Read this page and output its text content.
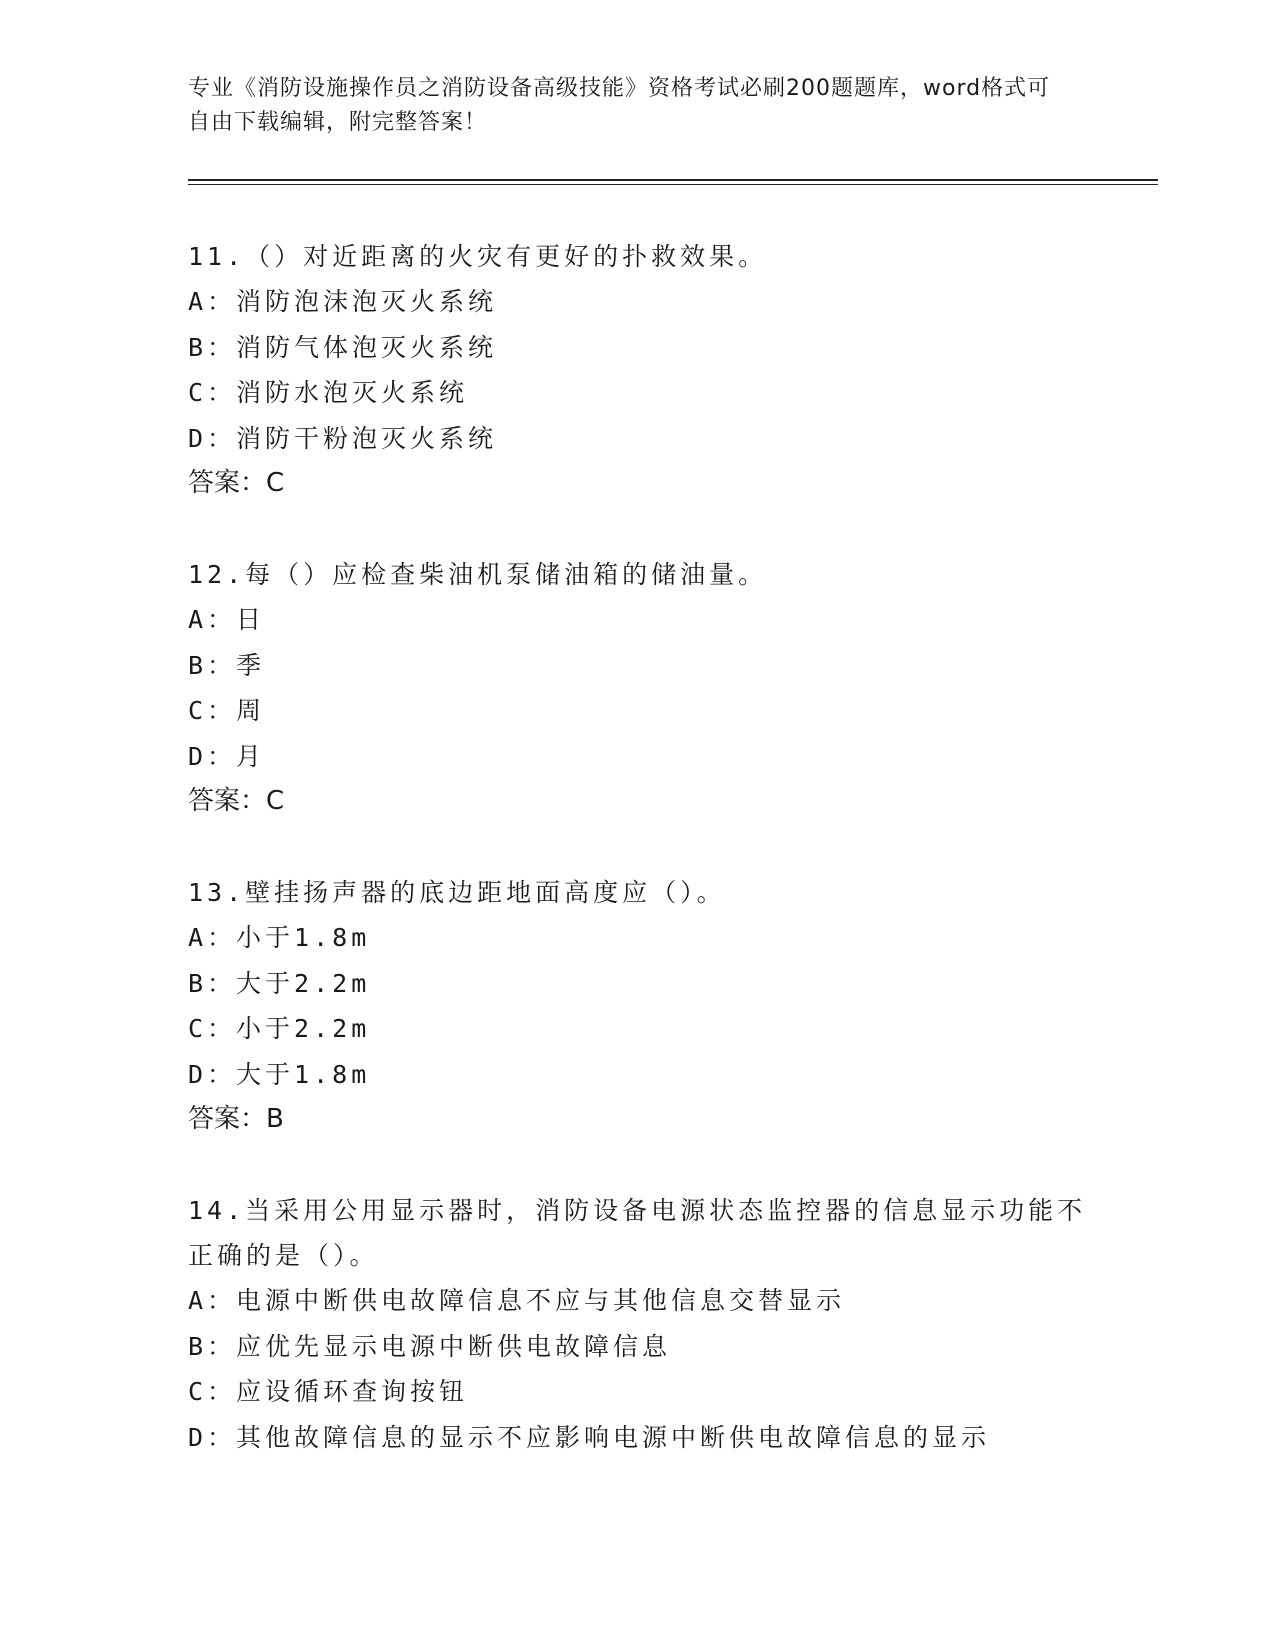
专业《消防设施操作员之消防设备高级技能》资格考试必刷200题题库，word格式可自由下载编辑，附完整答案！

11.（）对近距离的火灾有更好的扑救效果。

A：消防泡沫泡灭火系统

B：消防气体泡灭火系统

C：消防水泡灭火系统

D：消防干粉泡灭火系统

答案：C

12.每（）应检查柴油机泵储油箱的储油量。

A：日

B：季

C：周

D：月

答案：C

13.壁挂扬声器的底边距地面高度应（）。

A：小于1.8m

B：大于2.2m

C：小于2.2m

D：大于1.8m

答案：B

14.当采用公用显示器时，消防设备电源状态监控器的信息显示功能不正确的是（）。

A：电源中断供电故障信息不应与其他信息交替显示

B：应优先显示电源中断供电故障信息

C：应设循环查询按钮

D：其他故障信息的显示不应影响电源中断供电故障信息的显示
